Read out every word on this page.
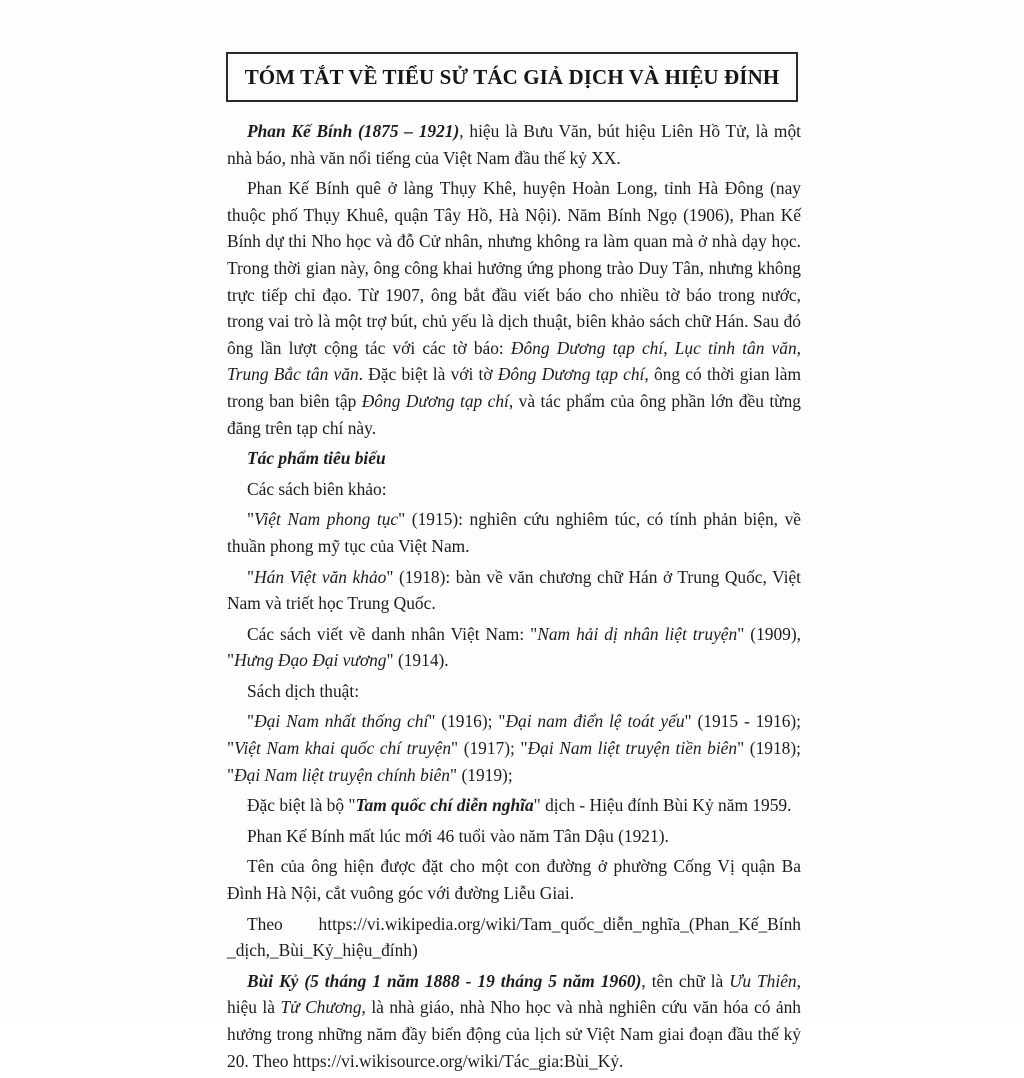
TÓM TẮT VỀ TIỂU SỬ TÁC GIẢ DỊCH VÀ HIỆU ĐÍNH

Phan Kế Bính (1875 – 1921), hiệu là Bưu Văn, bút hiệu Liên Hồ Tử, là một nhà báo, nhà văn nổi tiếng của Việt Nam đầu thế kỷ XX.

Phan Kế Bính quê ở làng Thụy Khê, huyện Hoàn Long, tỉnh Hà Đông (nay thuộc phố Thụy Khuê, quận Tây Hồ, Hà Nội). Năm Bính Ngọ (1906), Phan Kế Bính dự thi Nho học và đỗ Cử nhân, nhưng không ra làm quan mà ở nhà dạy học. Trong thời gian này, ông công khai hưởng ứng phong trào Duy Tân, nhưng không trực tiếp chỉ đạo. Từ 1907, ông bắt đầu viết báo cho nhiều tờ báo trong nước, trong vai trò là một trợ bút, chủ yếu là dịch thuật, biên khảo sách chữ Hán. Sau đó ông lần lượt cộng tác với các tờ báo: Đông Dương tạp chí, Lục tỉnh tân văn, Trung Bắc tân văn. Đặc biệt là với tờ Đông Dương tạp chí, ông có thời gian làm trong ban biên tập Đông Dương tạp chí, và tác phẩm của ông phần lớn đều từng đăng trên tạp chí này.

Tác phẩm tiêu biểu

Các sách biên khảo:

"Việt Nam phong tục" (1915): nghiên cứu nghiêm túc, có tính phản biện, về thuần phong mỹ tục của Việt Nam.

"Hán Việt văn khảo" (1918): bàn về văn chương chữ Hán ở Trung Quốc, Việt Nam và triết học Trung Quốc.

Các sách viết về danh nhân Việt Nam: "Nam hải dị nhân liệt truyện" (1909), "Hưng Đạo Đại vương" (1914).

Sách dịch thuật:

"Đại Nam nhất thống chí" (1916); "Đại nam điển lệ toát yếu" (1915 - 1916); "Việt Nam khai quốc chí truyện" (1917); "Đại Nam liệt truyện tiền biên" (1918); "Đại Nam liệt truyện chính biên" (1919);

Đặc biệt là bộ "Tam quốc chí diễn nghĩa" dịch - Hiệu đính Bùi Kỷ năm 1959.

Phan Kế Bính mất lúc mới 46 tuổi vào năm Tân Dậu (1921).

Tên của ông hiện được đặt cho một con đường ở phường Cống Vị quận Ba Đình Hà Nội, cắt vuông góc với đường Liễu Giai.

Theo https://vi.wikipedia.org/wiki/Tam_quốc_diễn_nghĩa_(Phan_Kế_Bính _dịch,_Bùi_Kỷ_hiệu_đính)

Bùi Kỷ (5 tháng 1 năm 1888 - 19 tháng 5 năm 1960), tên chữ là Ưu Thiên, hiệu là Tử Chương, là nhà giáo, nhà Nho học và nhà nghiên cứu văn hóa có ảnh hưởng trong những năm đầy biến động của lịch sử Việt Nam giai đoạn đầu thế kỷ 20. Theo https://vi.wikisource.org/wiki/Tác_gia:Bùi_Kỷ.
